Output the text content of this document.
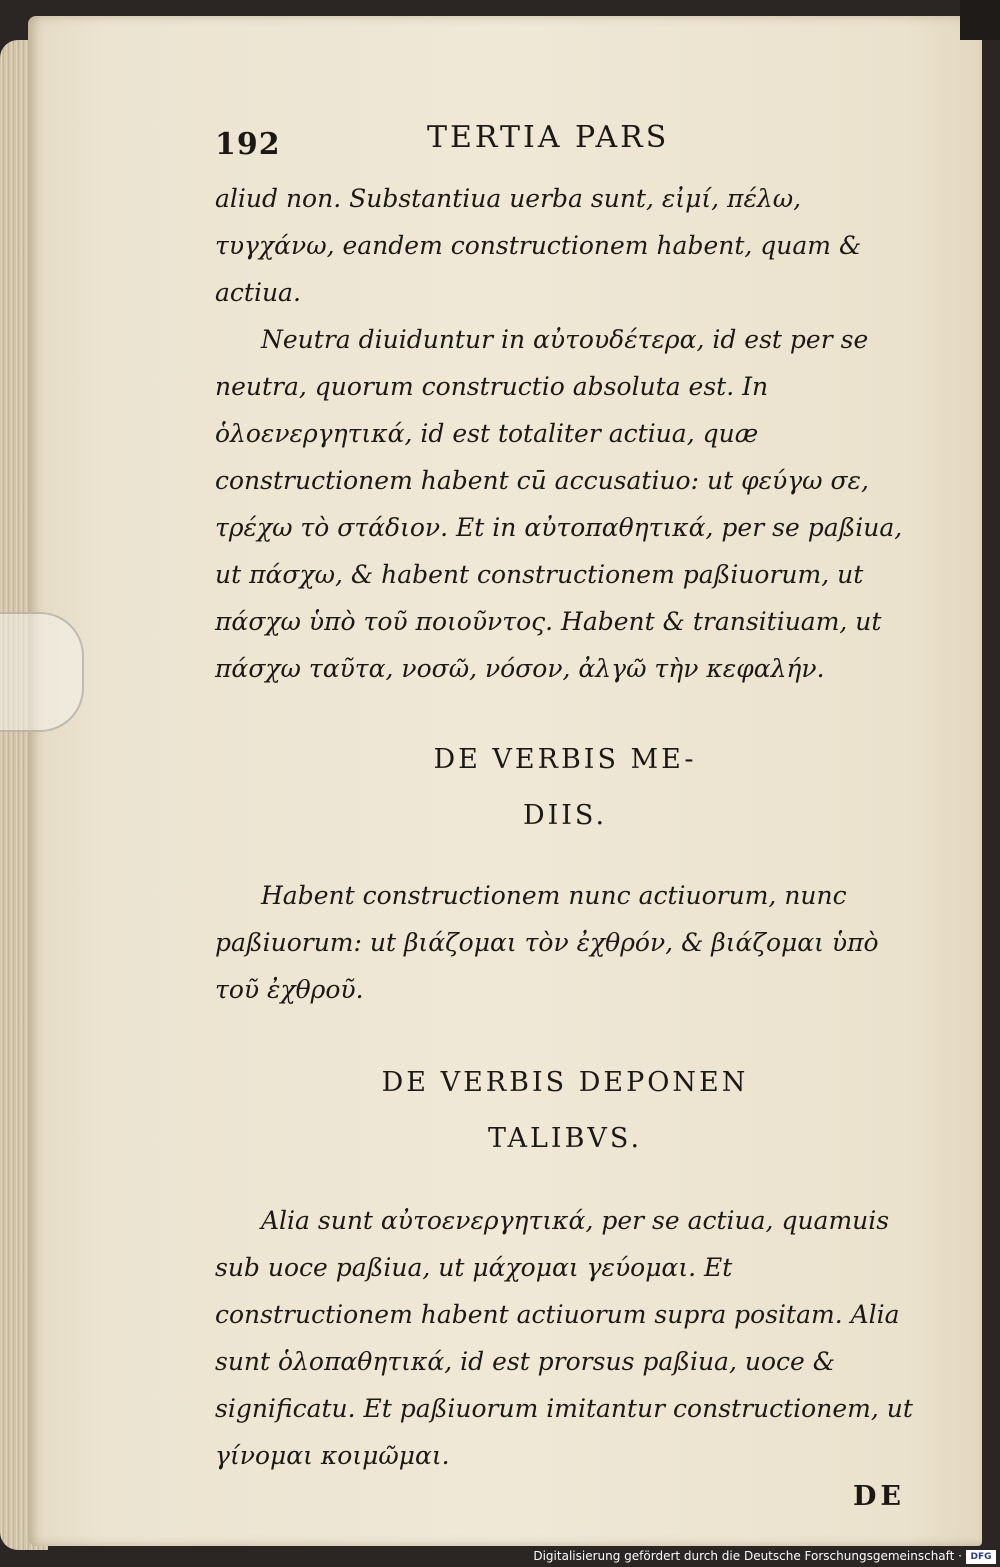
192	TERTIA PARS

aliud non. Substantiua uerba sunt, εἰμί, πέλω, τυγχάνω, eandem constructionem habent, quam & actiua.

Neutra diuiduntur in αὐτουδέτερα, id est per se neutra, quorum constructio absoluta est. In ὁλοενεργητικά, id est totaliter actiua, quæ constructionem habent cū accusatiuo: ut φεύγω σε, τρέχω τὸ στάδιον. Et in αὐτοπαθητικά, per se paßiua, ut πάσχω, & habent constructionem paßiuorum, ut πάσχω ὑπὸ τοῦ ποιοῦντος. Habent & transitiuam, ut πάσχω ταῦτα, νοσῶ, νόσον, ἀλγῶ τὴν κεφαλήν.

DE VERBIS ME-
DIIS.

Habent constructionem nunc actiuorum, nunc paßiuorum: ut βιάζομαι τὸν ἐχθρόν, & βιάζομαι ὑπὸ τοῦ ἐχθροῦ.

DE VERBIS DEPONEN
TALIBVS.

Alia sunt αὐτοενεργητικά, per se actiua, quamuis sub uoce paßiua, ut μάχομαι γεύομαι. Et constructionem habent actiuorum supra positam. Alia sunt ὁλοπαθητικά, id est prorsus paßiua, uoce & significatu. Et paßiuorum imitantur constructionem, ut γίνομαι κοιμῶμαι.

DE
Digitalisierung gefördert durch die Deutsche Forschungsgemeinschaft · DFG
